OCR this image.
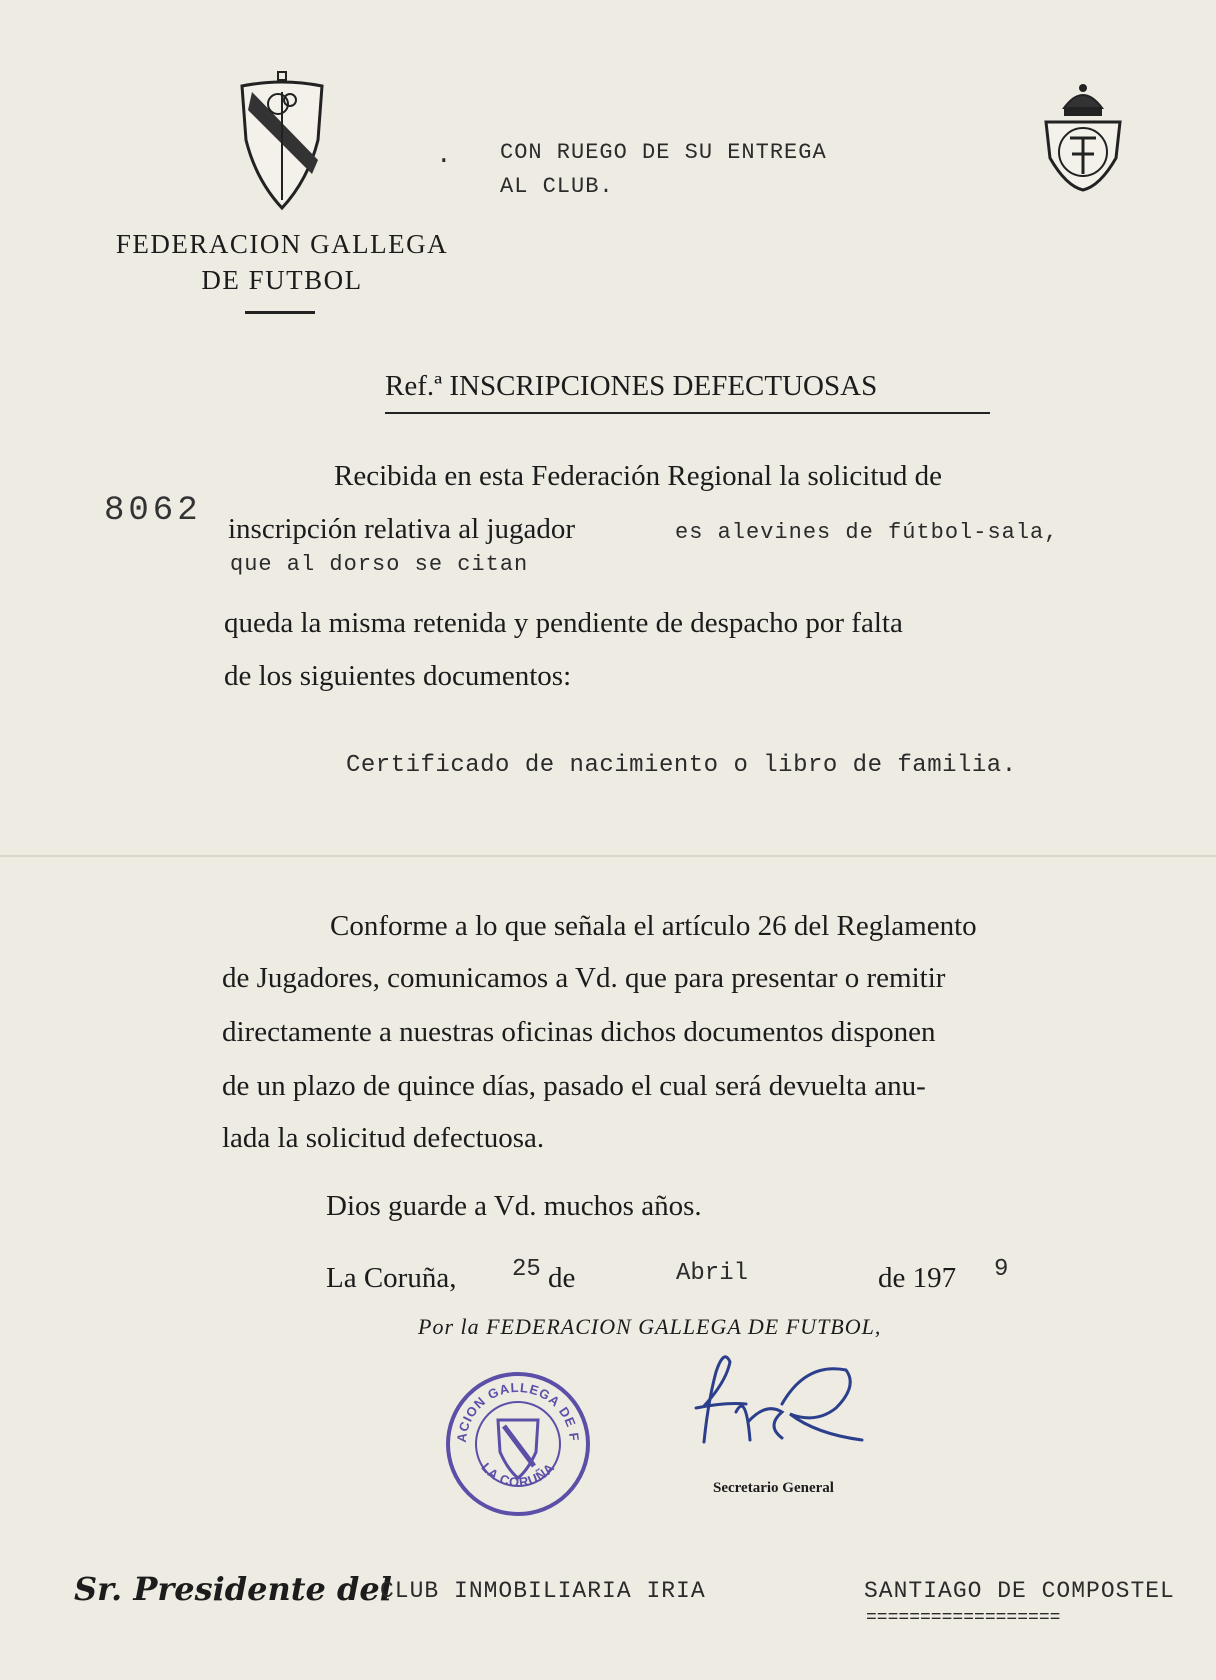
FEDERACION GALLEGA
DE FUTBOL
. CON RUEGO DE SU ENTREGA
AL CLUB.
Ref.ª INSCRIPCIONES DEFECTUOSAS
8062
Recibida en esta Federación Regional la solicitud de
inscripción relativa al jugador	es alevines de fútbol-sala,
que al dorso se citan
queda la misma retenida y pendiente de despacho por falta
de los siguientes documentos:
Certificado de nacimiento o libro de familia.
Conforme a lo que señala el artículo 26 del Reglamento
de Jugadores, comunicamos a Vd. que para presentar o remitir
directamente a nuestras oficinas dichos documentos disponen
de un plazo de quince días, pasado el cual será devuelta anu-
lada la solicitud defectuosa.
Dios guarde a Vd. muchos años.
La Coruña, 25 de	Abril	de 197 9
Por la FEDERACION GALLEGA DE FUTBOL,
ACION GALLEGA DE F
LA CORUÑA
Secretario General
Sr. Presidente del
CLUB INMOBILIARIA IRIA	SANTIAGO DE COMPOSTEL
==================
